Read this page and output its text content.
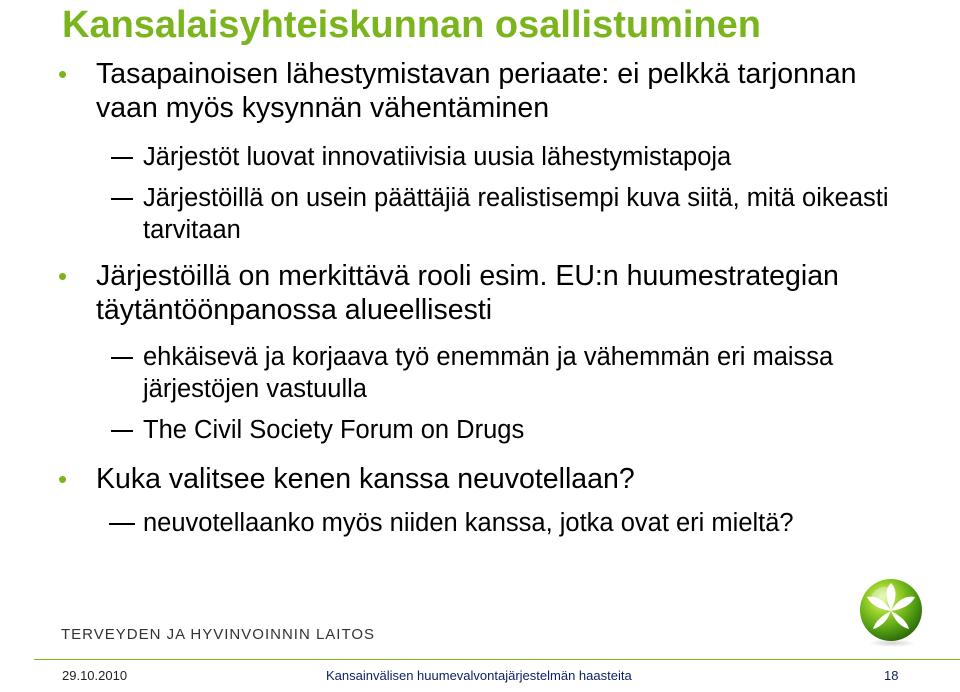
Kansalaisyhteiskunnan osallistuminen
• Tasapainoisen lähestymistavan periaate: ei pelkkä tarjonnan vaan myös kysynnän vähentäminen
Järjestöt luovat innovatiivisia uusia lähestymistapoja
Järjestöillä on usein päättäjiä realistisempi kuva siitä, mitä oikeasti tarvitaan
• Järjestöillä on merkittävä rooli esim. EU:n huumestrategian täytäntöönpanossa alueellisesti
ehkäisevä ja korjaava työ enemmän ja vähemmän eri maissa järjestöjen vastuulla
The Civil Society Forum on Drugs
• Kuka valitsee kenen kanssa neuvotellaan?
neuvotellaanko myös niiden kanssa, jotka ovat eri mieltä?
TERVEYDEN JA HYVINVOINNIN LAITOS
29.10.2010	Kansainvälisen huumevalvontajärjestelmän haasteita	18
